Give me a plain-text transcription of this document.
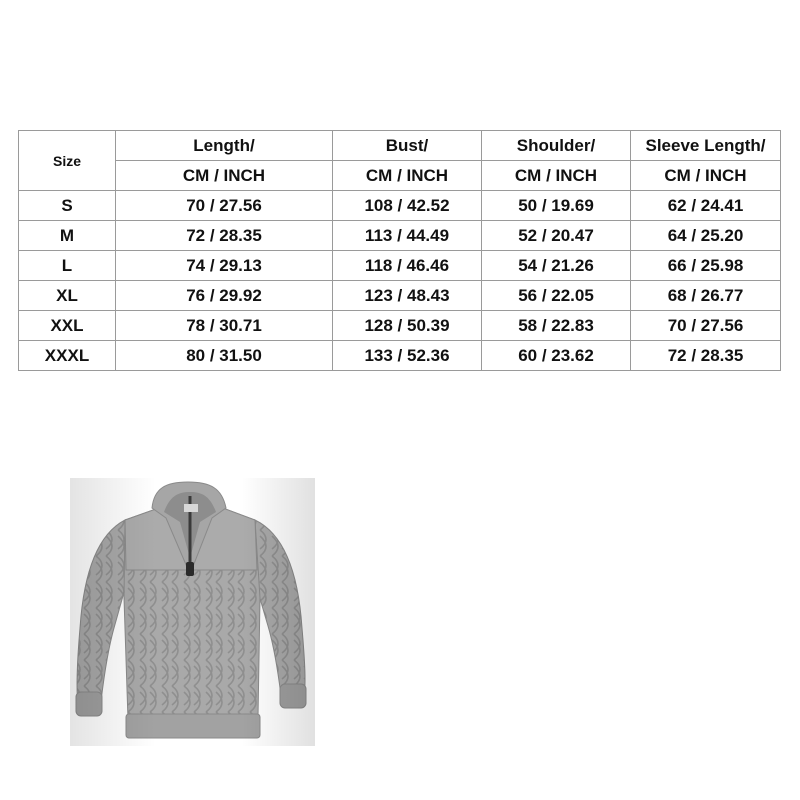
Size	Length/	Bust/	Shoulder/	Sleeve Length/
	CM / INCH	CM / INCH	CM / INCH	CM / INCH
S	70 / 27.56	108 / 42.52	50 / 19.69	62 / 24.41
M	72 / 28.35	113 / 44.49	52 / 20.47	64 / 25.20
L	74 / 29.13	118 / 46.46	54 / 21.26	66 / 25.98
XL	76 / 29.92	123 / 48.43	56 / 22.05	68 / 26.77
XXL	78 / 30.71	128 / 50.39	58 / 22.83	70 / 27.56
XXXL	80 / 31.50	133 / 52.36	60 / 23.62	72 / 28.35
